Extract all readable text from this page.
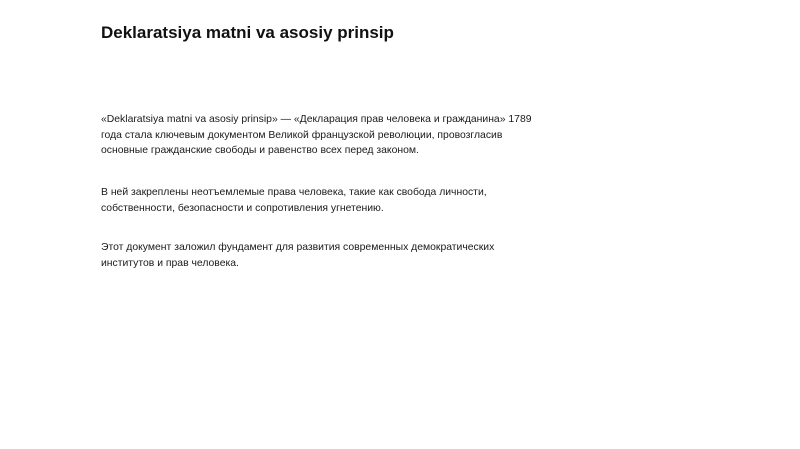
Deklaratsiya matni va asosiy prinsip

«Deklaratsiya matni va asosiy prinsip» — «Декларация прав человека и гражданина» 1789 года стала ключевым документом Великой французской революции, провозгласив основные гражданские свободы и равенство всех перед законом.

В ней закреплены неотъемлемые права человека, такие как свобода личности, собственности, безопасности и сопротивления угнетению.

Этот документ заложил фундамент для развития современных демократических институтов и прав человека.
